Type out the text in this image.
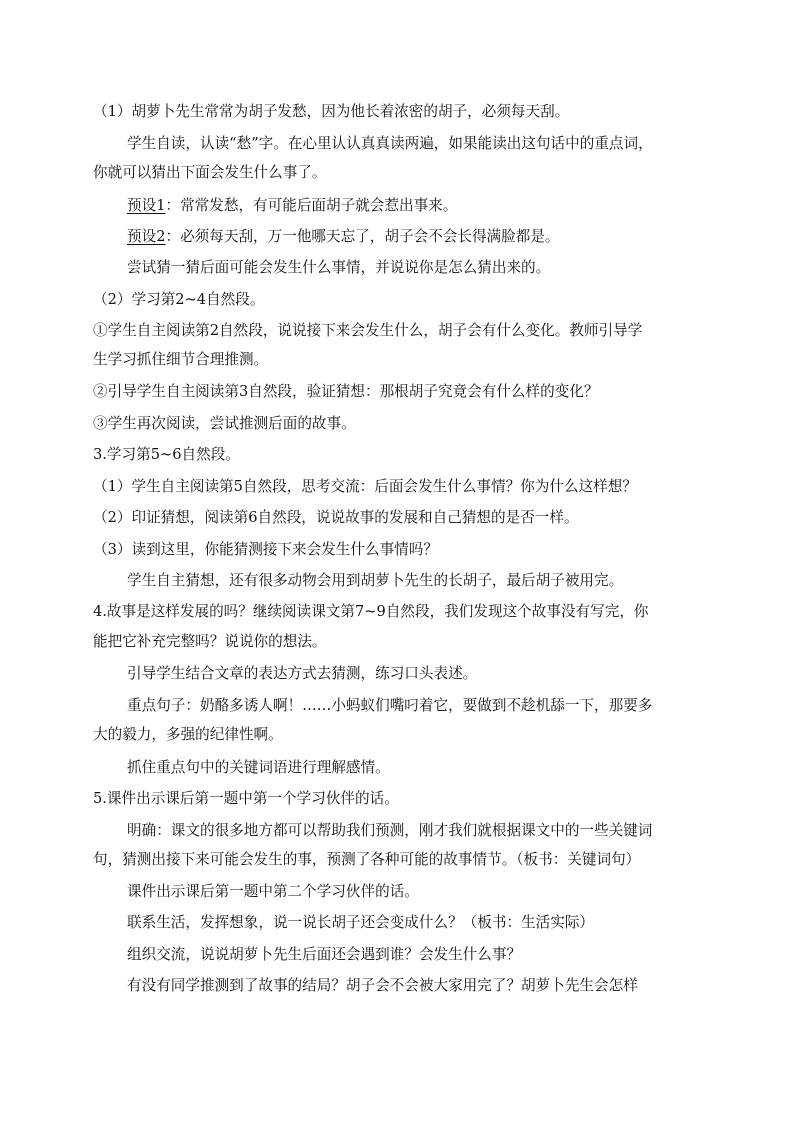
（1）胡萝卜先生常常为胡子发愁，因为他长着浓密的胡子，必须每天刮。
学生自读，认读“愁”字。在心里认认真真读两遍，如果能读出这句话中的重点词，
你就可以猜出下面会发生什么事了。
预设1：常常发愁，有可能后面胡子就会惹出事来。
预设2：必须每天刮，万一他哪天忘了，胡子会不会长得满脸都是。
尝试猜一猜后面可能会发生什么事情，并说说你是怎么猜出来的。
（2）学习第2~4自然段。
①学生自主阅读第2自然段，说说接下来会发生什么，胡子会有什么变化。教师引导学
生学习抓住细节合理推测。
②引导学生自主阅读第3自然段，验证猜想：那根胡子究竟会有什么样的变化？
③学生再次阅读，尝试推测后面的故事。
3.学习第5~6自然段。
（1）学生自主阅读第5自然段，思考交流：后面会发生什么事情？你为什么这样想？
（2）印证猜想，阅读第6自然段，说说故事的发展和自己猜想的是否一样。
（3）读到这里，你能猜测接下来会发生什么事情吗？
学生自主猜想，还有很多动物会用到胡萝卜先生的长胡子，最后胡子被用完。
4.故事是这样发展的吗？继续阅读课文第7~9自然段，我们发现这个故事没有写完，你
能把它补充完整吗？说说你的想法。
引导学生结合文章的表达方式去猜测，练习口头表述。
重点句子：奶酪多诱人啊！……小蚂蚁们嘴叼着它，要做到不趁机舔一下，那要多
大的毅力，多强的纪律性啊。
抓住重点句中的关键词语进行理解感情。
5.课件出示课后第一题中第一个学习伙伴的话。
明确：课文的很多地方都可以帮助我们预测，刚才我们就根据课文中的一些关键词
句，猜测出接下来可能会发生的事，预测了各种可能的故事情节。（板书：关键词句）
课件出示课后第一题中第二个学习伙伴的话。
联系生活，发挥想象，说一说长胡子还会变成什么？（板书：生活实际）
组织交流，说说胡萝卜先生后面还会遇到谁？会发生什么事？
有没有同学推测到了故事的结局？胡子会不会被大家用完了？胡萝卜先生会怎样
